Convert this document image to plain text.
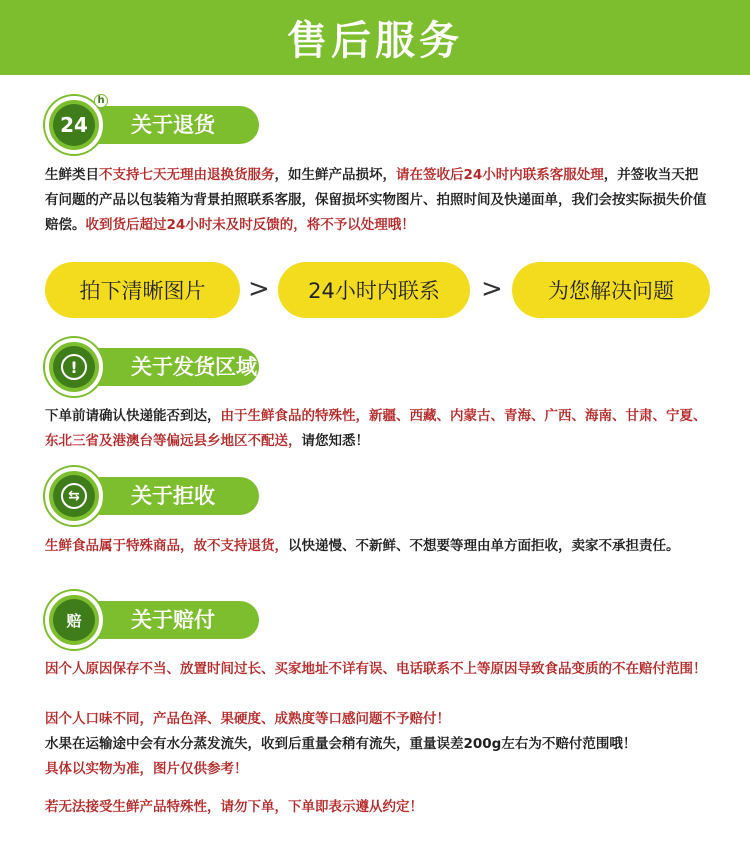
售后服务
关于退货
24
h

生鲜类目不支持七天无理由退换货服务，如生鲜产品损坏，请在签收后24小时内联系客服处理，并签收当天把有问题的产品以包装箱为背景拍照联系客服，保留损坏实物图片、拍照时间及快递面单，我们会按实际损失价值赔偿。收到货后超过24小时未及时反馈的，将不予以处理哦！

拍下清晰图片	>	24小时内联系	>	为您解决问题
关于发货区域
!

下单前请确认快递能否到达，由于生鲜食品的特殊性，新疆、西藏、内蒙古、青海、广西、海南、甘肃、宁夏、东北三省及港澳台等偏远县乡地区不配送，请您知悉！

关于拒收
⇆

生鲜食品属于特殊商品，故不支持退货，以快递慢、不新鲜、不想要等理由单方面拒收，卖家不承担责任。

关于赔付
赔

因个人原因保存不当、放置时间过长、买家地址不详有误、电话联系不上等原因导致食品变质的不在赔付范围！

因个人口味不同，产品色泽、果硬度、成熟度等口感问题不予赔付！

水果在运输途中会有水分蒸发流失，收到后重量会稍有流失，重量误差200g左右为不赔付范围哦！

具体以实物为准，图片仅供参考！

若无法接受生鲜产品特殊性，请勿下单，下单即表示遵从约定！
